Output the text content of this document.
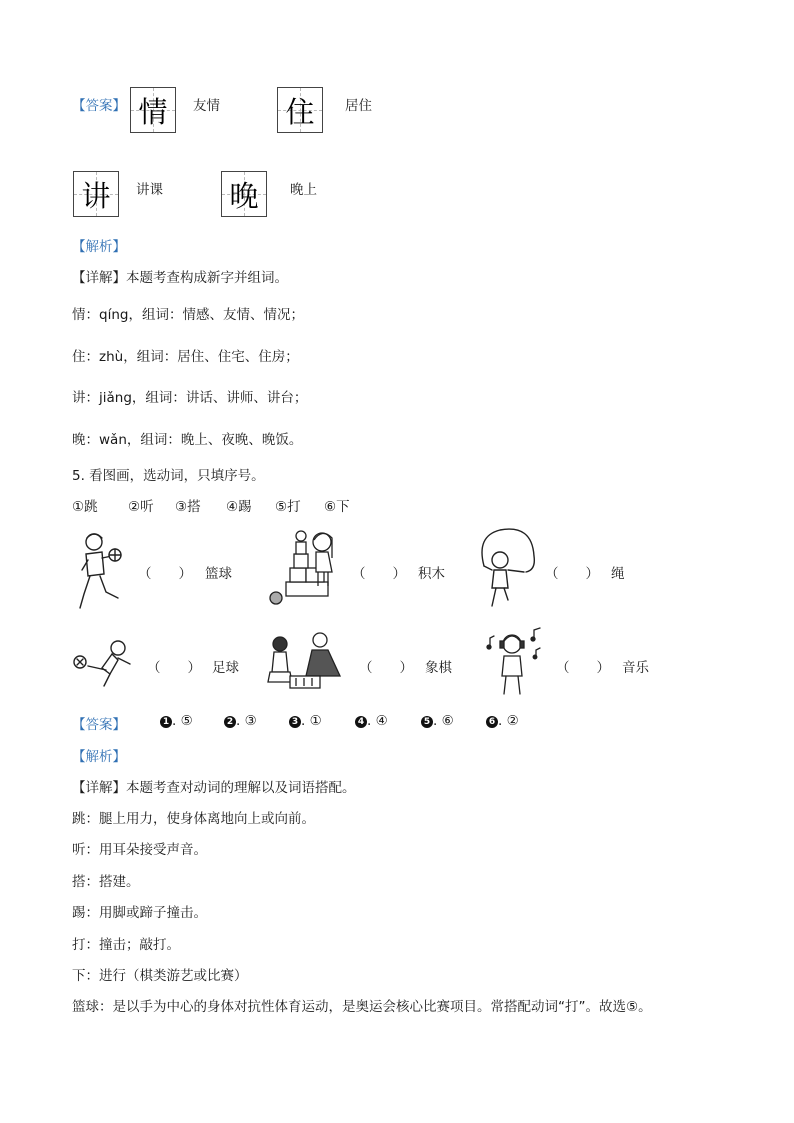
【答案】 情	友情 住	居住
讲	讲课 晚	晚上
【解析】
【详解】本题考查构成新字并组词。
情：qíng，组词：情感、友情、情况；
住：zhù，组词：居住、住宅、住房；
讲：jiǎng，组词：讲话、讲师、讲台；
晚：wǎn，组词：晚上、夜晚、晚饭。
5. 看图画，选动词，只填序号。
①跳 ②听 ③搭 ④踢 ⑤打 ⑥下
（　　） 篮球	（　　） 积木	（　　） 绳
（　　） 足球	（　　） 象棋	（　　） 音乐
【答案】	1 . ⑤	2 . ③	3 . ①	4 . ④	5 . ⑥	6 . ②
【解析】
【详解】本题考查对动词的理解以及词语搭配。
跳：腿上用力，使身体离地向上或向前。
听：用耳朵接受声音。
搭：搭建。
踢：用脚或蹄子撞击。
打：撞击；敲打。
下：进行（棋类游艺或比赛）
篮球：是以手为中心的身体对抗性体育运动，是奥运会核心比赛项目。常搭配动词“打”。故选⑤。
